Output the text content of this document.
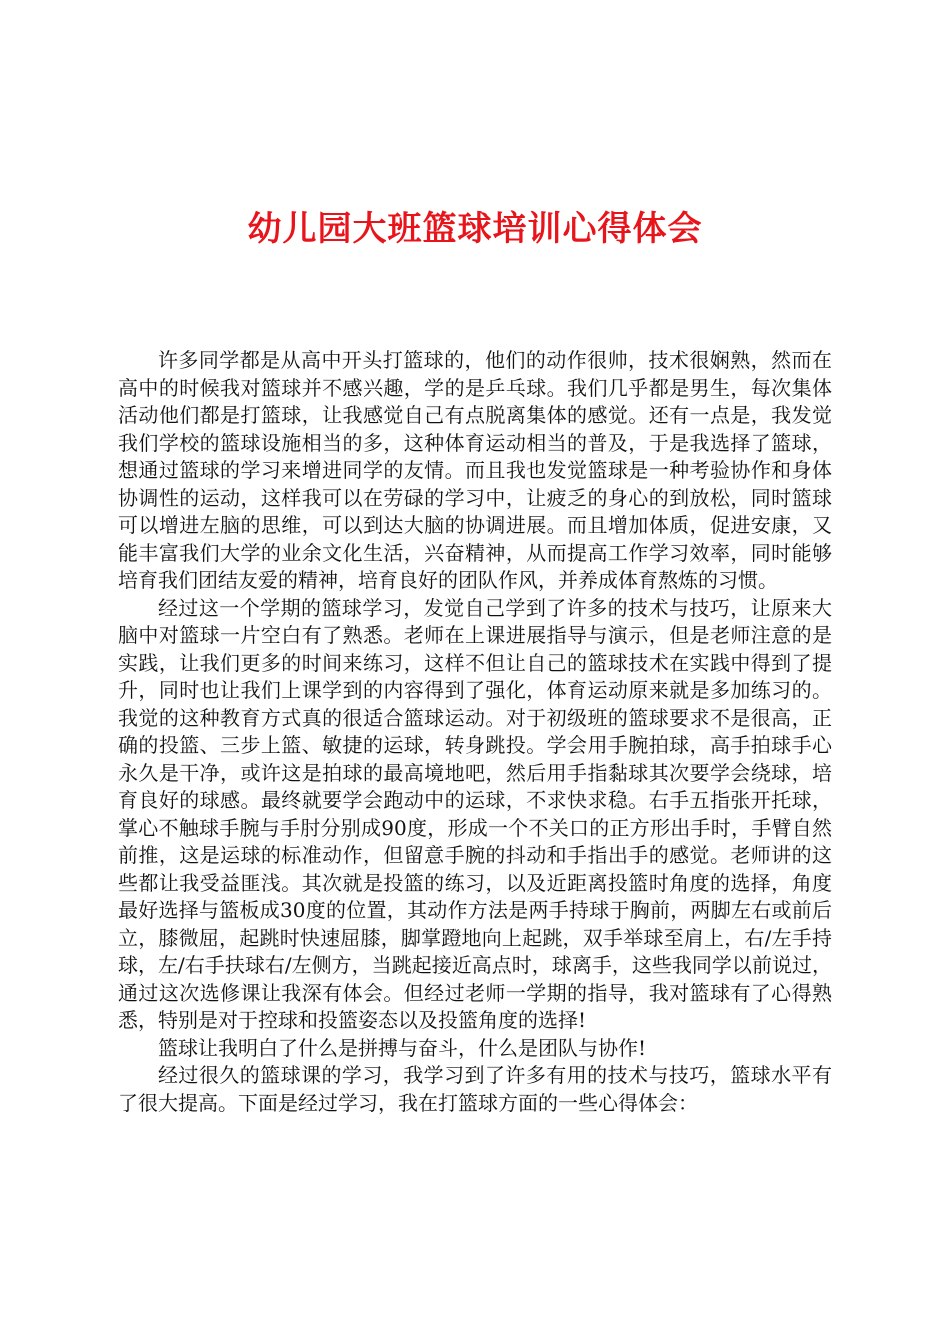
幼儿园大班篮球培训心得体会

许多同学都是从高中开头打篮球的，他们的动作很帅，技术很娴熟，然而在高中的时候我对篮球并不感兴趣，学的是乒乓球。我们几乎都是男生，每次集体活动他们都是打篮球，让我感觉自己有点脱离集体的感觉。还有一点是，我发觉我们学校的篮球设施相当的多，这种体育运动相当的普及，于是我选择了篮球，想通过篮球的学习来增进同学的友情。而且我也发觉篮球是一种考验协作和身体协调性的运动，这样我可以在劳碌的学习中，让疲乏的身心的到放松，同时篮球可以增进左脑的思维，可以到达大脑的协调进展。而且增加体质，促进安康，又能丰富我们大学的业余文化生活，兴奋精神，从而提高工作学习效率，同时能够培育我们团结友爱的精神，培育良好的团队作风，并养成体育熬炼的习惯。

经过这一个学期的篮球学习，发觉自己学到了许多的技术与技巧，让原来大脑中对篮球一片空白有了熟悉。老师在上课进展指导与演示，但是老师注意的是实践，让我们更多的时间来练习，这样不但让自己的篮球技术在实践中得到了提升，同时也让我们上课学到的内容得到了强化，体育运动原来就是多加练习的。我觉的这种教育方式真的很适合篮球运动。对于初级班的篮球要求不是很高，正确的投篮、三步上篮、敏捷的运球，转身跳投。学会用手腕拍球，高手拍球手心永久是干净，或许这是拍球的最高境地吧，然后用手指黏球其次要学会绕球，培育良好的球感。最终就要学会跑动中的运球，不求快求稳。右手五指张开托球，掌心不触球手腕与手肘分别成90度，形成一个不关口的正方形出手时，手臂自然前推，这是运球的标准动作，但留意手腕的抖动和手指出手的感觉。老师讲的这些都让我受益匪浅。其次就是投篮的练习，以及近距离投篮时角度的选择，角度最好选择与篮板成30度的位置，其动作方法是两手持球于胸前，两脚左右或前后立，膝微屈，起跳时快速屈膝，脚掌蹬地向上起跳，双手举球至肩上，右/左手持球，左/右手扶球右/左侧方，当跳起接近高点时，球离手，这些我同学以前说过，通过这次选修课让我深有体会。但经过老师一学期的指导，我对篮球有了心得熟悉，特别是对于控球和投篮姿态以及投篮角度的选择!

篮球让我明白了什么是拼搏与奋斗，什么是团队与协作!

经过很久的篮球课的学习，我学习到了许多有用的技术与技巧，篮球水平有了很大提高。下面是经过学习，我在打篮球方面的一些心得体会：
